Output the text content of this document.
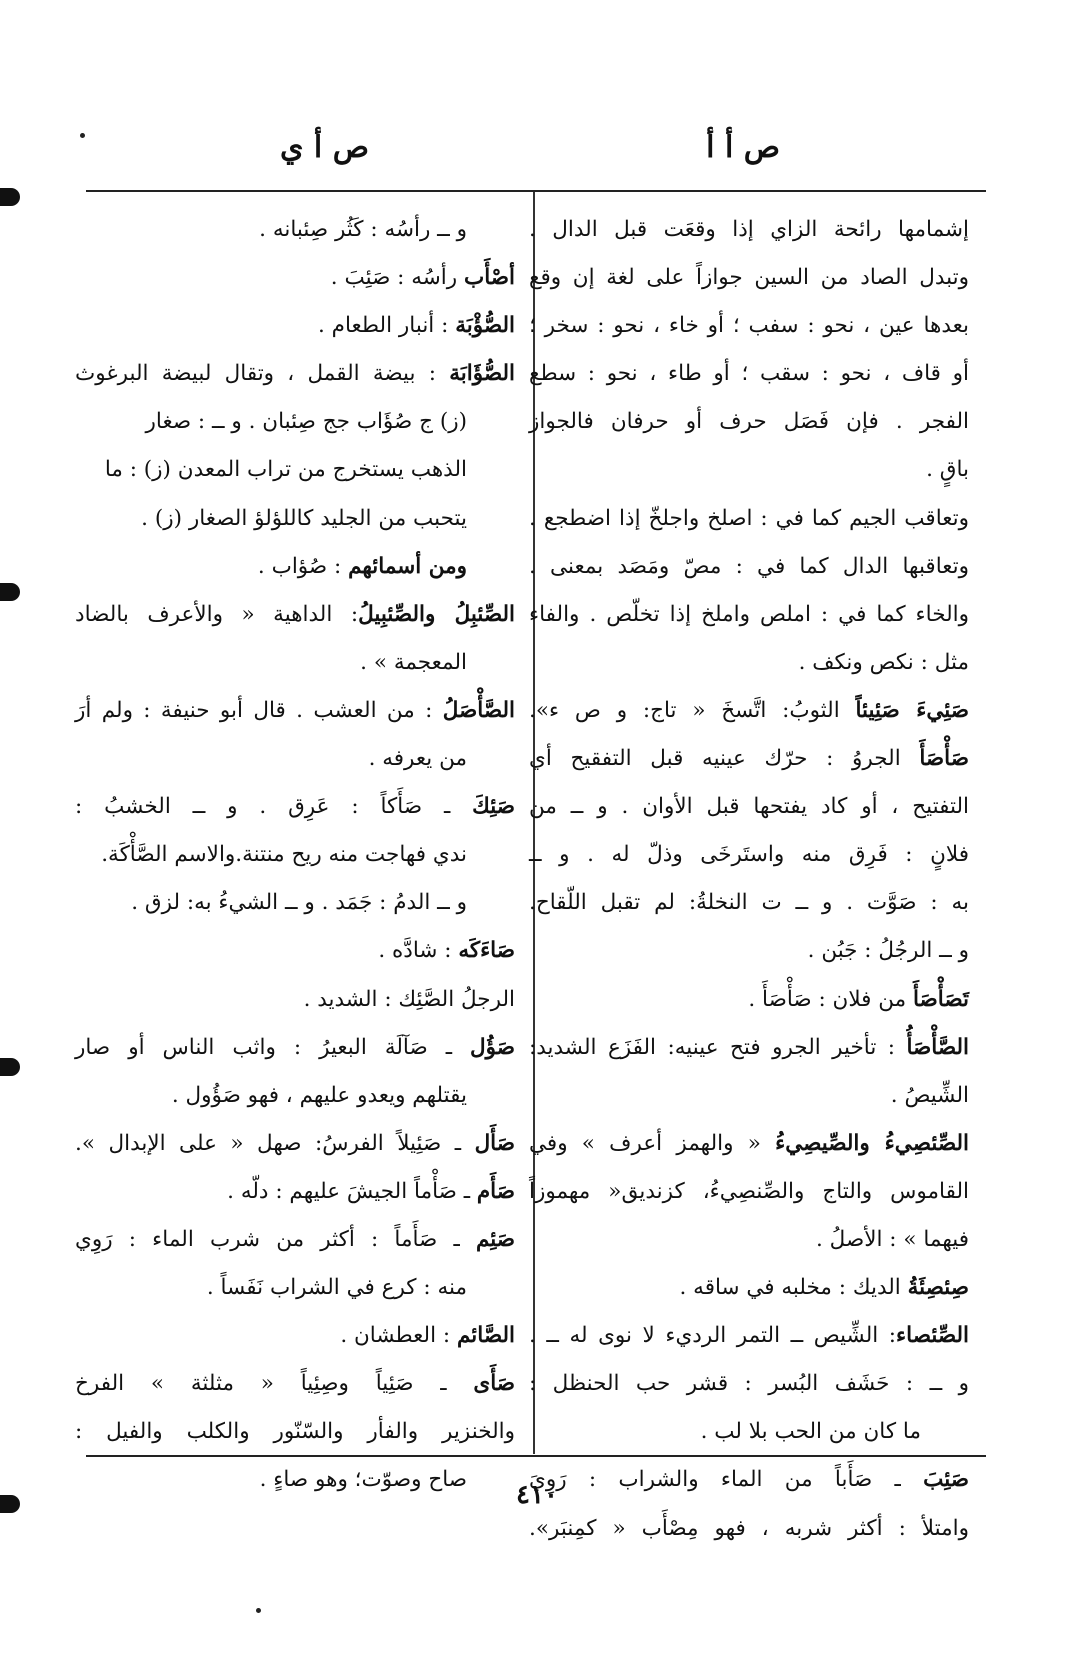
ص أ أ
ص أ ي
إشمامها رائحة الزاي إذا وقعَت قبل الدال .
وتبدل الصاد من السين جوازاً على لغة إن وقع
بعدها عين ، نحو : سفب ؛ أو خاء ، نحو : سخر ؛
أو قاف ، نحو : سقب ؛ أو طاء ، نحو : سطع
الفجر . فإن فَصَل حرف أو حرفان فالجواز
باقٍ .
وتعاقب الجيم كما في : اصلخ واجلخّ إذا اضطجع .
وتعاقبها الدال كما في : مصّ ومَصَد بمعنى .
والخاء كما في : املص واملخ إذا تخلّص . والفاء
مثل : نكص ونكف .
صَئِيءَ صَئِيئاً الثوبُ: اتَّسخَ « تاج: و ص ء».
صَأْصَأَ الجروُ : حرّك عينيه قبل التفقيح أي
التفتيح ، أو كاد يفتحها قبل الأوان . و ــ من
فلانٍ : فَرِق منه واستَرخَى وذلّ له . و ــ
به : صَوَّت . و ــ ت النخلةُ: لم تقبل اللّقاح.
و ــ الرجُلُ : جَبُن .
تَصَأْصَأَ من فلان : صَأْصَأَ .
الصَّأْصَأُ : تأخير الجرو فتح عينيه: الفَزَع الشديد:
الشِّيصُ .
الصِّئصِيءُ والصِّيصِيءُ « والهمز أعرف » وفي
القاموس والتاج والصِّنصِيءُ، كزنديق« مهموزاً
فيهما » : الأصلُ .
صِئصِئَةُ الديك : مخلبه في ساقه .
الصِّئصاء: الشِّيص ــ التمر الرديء لا نوى له ــ .
و ــ : حَشَف البُسر : قشر حب الحنظل :
ما كان من الحب بلا لب .
صَئِبَ ـ صَأَباً من الماء والشراب : رَوِيَ
وامتلأ : أكثر شربه ، فهو مِصْأَب « كمِنبَر».
و ــ رأسُه : كَثُر صِئبانه .
أصْأَب رأسُه : صَئِبَ .
الصُّؤْبَة : أنبار الطعام .
الصُّؤَابَة : بيضة القمل ، وتقال لبيضة البرغوث
(ز) ج صُؤَاب جج صِئبان . و ــ : صغار
الذهب يستخرج من تراب المعدن (ز) : ما
يتحبب من الجليد كاللؤلؤ الصغار (ز) .
ومن أسمائهم : صُؤاب .
الصِّئبِلُ والصِّئبِيلُ: الداهية « والأعرف بالضاد
المعجمة » .
الصَّأْصَلُ : من العشب . قال أبو حنيفة : ولم أرَ
من يعرفه .
صَئِكَ ـ صَأَكاً : عَرِق . و ــ الخشبُ :
ندي فهاجت منه ريح منتنة.والاسم الصَّأْكَة.
و ــ الدمُ : جَمَد . و ــ الشيءُ به: لزق .
صَاءَكَه : شادَّه .
الرجلُ الصَّئِك : الشديد .
صَؤُل ـ صَآلَة البعيرُ : واثب الناس أو صار
يقتلهم ويعدو عليهم ، فهو صَؤُول .
صَأَل ـ صَئِيلاً الفرسُ: صهل « على الإبدال ».
صَأَم ـ صَأْماً الجيشَ عليهم : دلّه .
صَئِم ـ صَأَماً : أكثر من شرب الماء : رَوِي
منه : كرع في الشراب نَفَساً .
الصَّائم : العطشان .
صَأَى ـ صَئِياً وصِئِياً « مثلثة » الفرخ
والخنزير والفأر والسّنّور والكلب والفيل :
صاح وصوّت؛ وهو صاءٍ .
٤١٠
